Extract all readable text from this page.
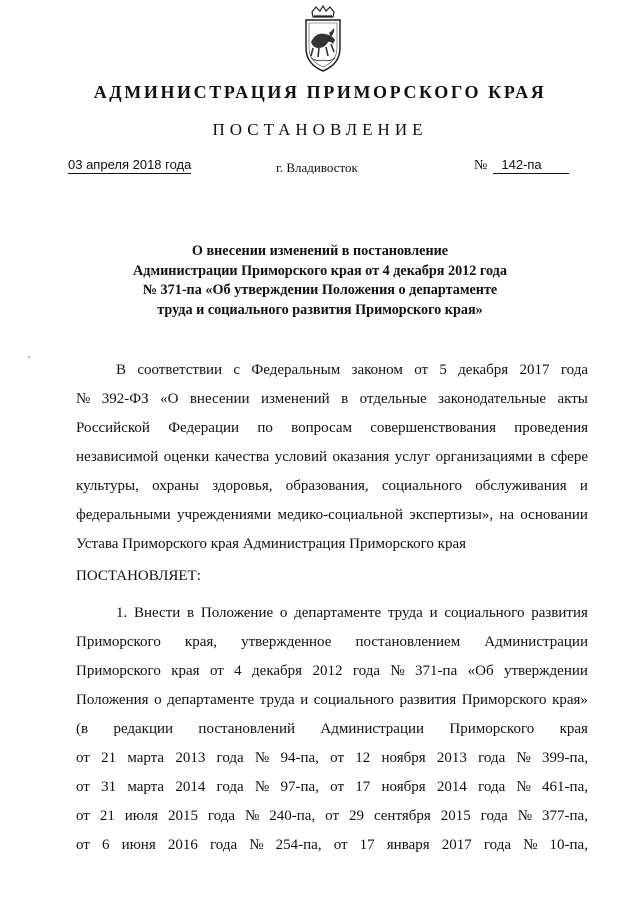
АДМИНИСТРАЦИЯ ПРИМОРСКОГО КРАЯ
ПОСТАНОВЛЕНИЕ
03 апреля 2018 года	г. Владивосток	№ 142-па
О внесении изменений в постановление
Администрации Приморского края от 4 декабря 2012 года
№ 371-па «Об утверждении Положения о департаменте
труда и социального развития Приморского края»
В соответствии с Федеральным законом от 5 декабря 2017 года
№ 392-ФЗ «О внесении изменений в отдельные законодательные акты
Российской Федерации по вопросам совершенствования проведения
независимой оценки качества условий оказания услуг организациями в сфере
культуры, охраны здоровья, образования, социального обслуживания и
федеральными учреждениями медико-социальной экспертизы», на основании
Устава Приморского края Администрация Приморского края
ПОСТАНОВЛЯЕТ:
1. Внести в Положение о департаменте труда и социального развития
Приморского края, утвержденное постановлением Администрации
Приморского края от 4 декабря 2012 года № 371-па «Об утверждении
Положения о департаменте труда и социального развития Приморского края»
(в редакции постановлений Администрации Приморского края
от 21 марта 2013 года № 94-па, от 12 ноября 2013 года № 399-па,
от 31 марта 2014 года № 97-па, от 17 ноября 2014 года № 461-па,
от 21 июля 2015 года № 240-па, от 29 сентября 2015 года № 377-па,
от 6 июня 2016 года № 254-па, от 17 января 2017 года № 10-па,
